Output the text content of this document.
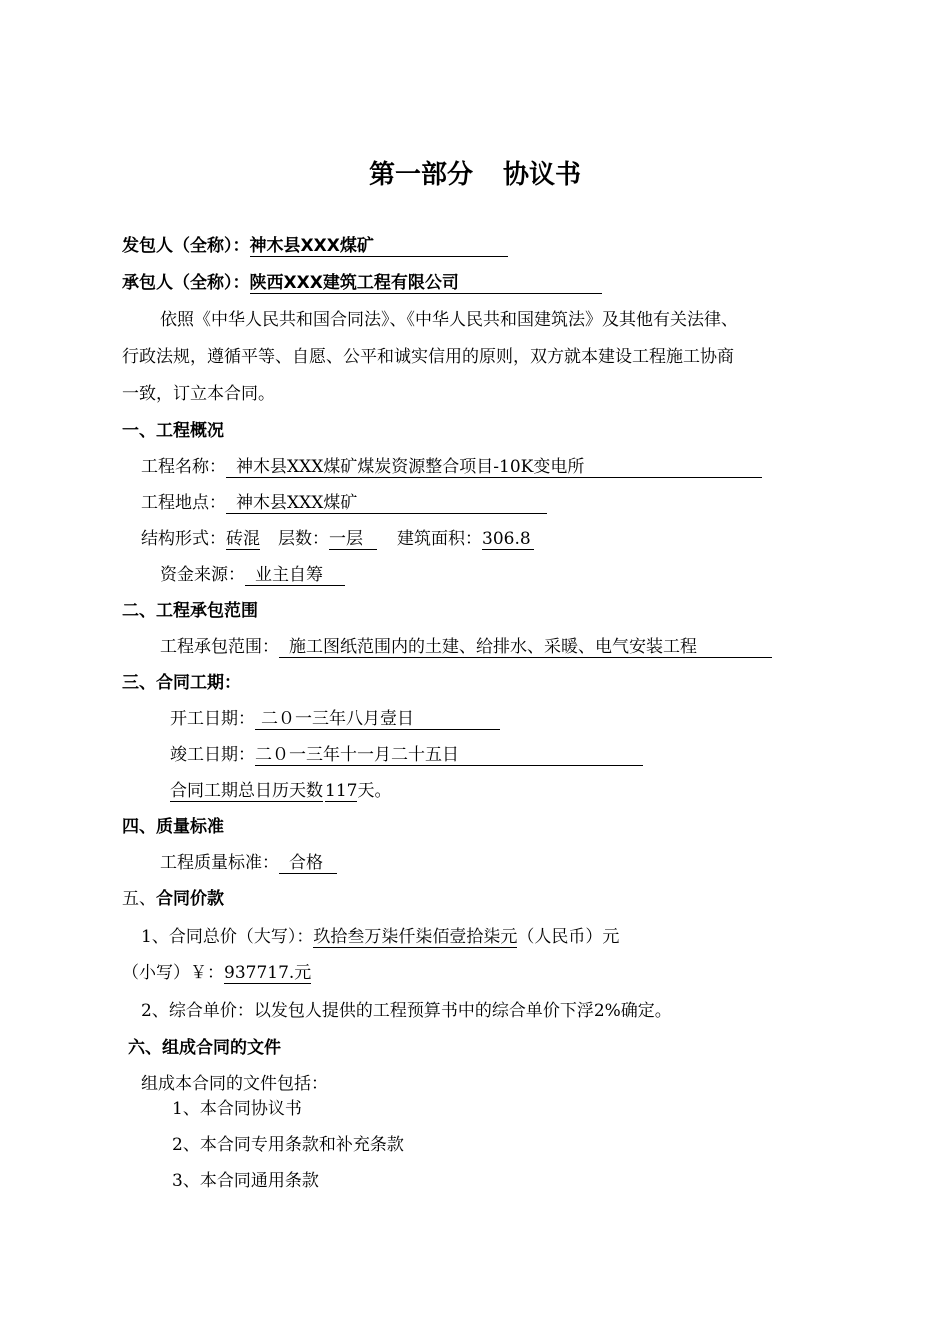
第一部分 协议书
发包人（全称）：神木县XXX煤矿
承包人（全称）：陕西XXX建筑工程有限公司
依照《中华人民共和国合同法》、《中华人民共和国建筑法》及其他有关法律、
行政法规，遵循平等、自愿、公平和诚实信用的原则，双方就本建设工程施工协商
一致，订立本合同。
一、工程概况
工程名称： 神木县XXX煤矿煤炭资源整合项目-10K变电所
工程地点： 神木县XXX煤矿
结构形式：砖混 层数：一层 建筑面积：306.8
资金来源： 业主自筹
二、工程承包范围
工程承包范围： 施工图纸范围内的土建、给排水、采暖、电气安装工程
三、合同工期：
开工日期： 二０一三年八月壹日
竣工日期：二０一三年十一月二十五日
合同工期总日历天数 117天。
四、质量标准
工程质量标准： 合格
五、合同价款
1、合同总价（大写）：玖拾叁万柒仟柒佰壹拾柒元（人民币）元
（小写）￥：937717.元
2、综合单价：以发包人提供的工程预算书中的综合单价下浮2%确定。
六、组成合同的文件
组成本合同的文件包括：
1、本合同协议书
2、本合同专用条款和补充条款
3、本合同通用条款
